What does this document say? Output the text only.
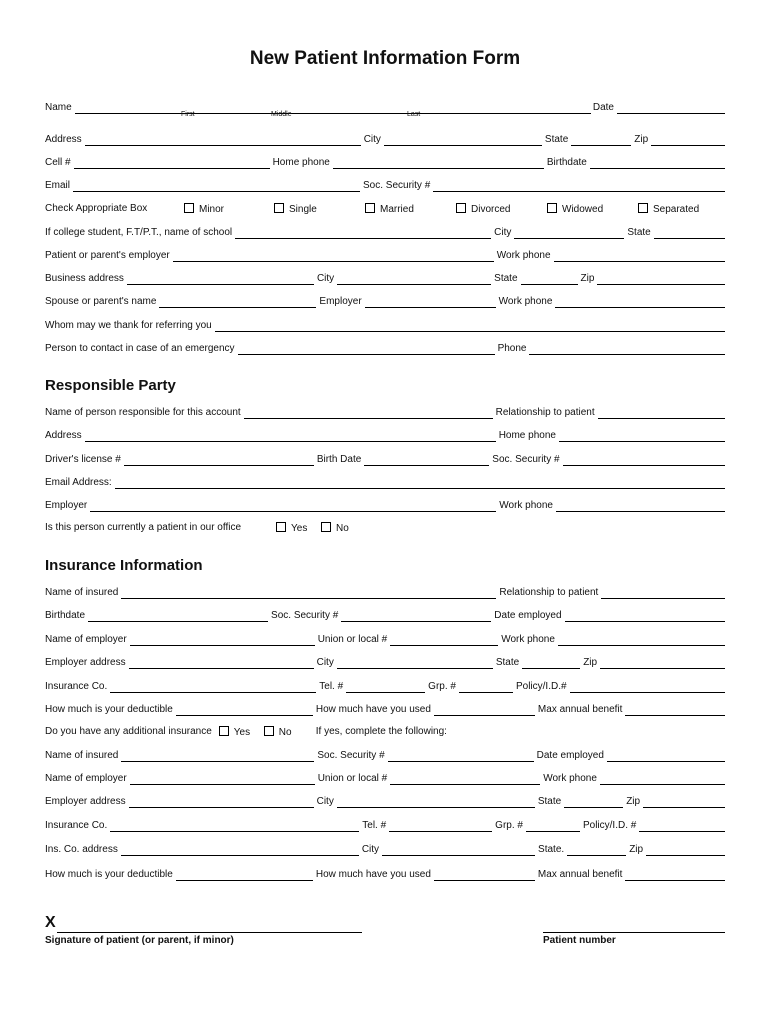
New Patient Information Form
Name	Date
First	Middle	Last
Address	City	State	Zip
Cell #	Home phone	Birthdate
Email	Soc. Security #
Check Appropriate Box	Minor	Single	Married	Divorced	Widowed	Separated
If college student, F.T/P.T., name of school	City	State
Patient or parent's employer	Work phone
Business address	City	State	Zip
Spouse or parent's name	Employer	Work phone
Whom may we thank for referring you
Person to contact in case of an emergency	Phone
Responsible Party
Name of person responsible for this account	Relationship to patient
Address	Home phone
Driver's license #	Birth Date	Soc. Security #
Email Address:
Employer	Work phone
Is this person currently a patient in our office	Yes	No
Insurance Information
Name of insured	Relationship to patient
Birthdate	Soc. Security #	Date employed
Name of employer	Union or local #	Work phone
Employer address	City	State	Zip
Insurance Co.	Tel. #	Grp. #	Policy/I.D.#
How much is your deductible	How much have you used	Max annual benefit
Do you have any additional insurance	Yes	No If yes, complete the following:
Name of insured	Soc. Security #	Date employed
Name of employer	Union or local #	Work phone
Employer address	City	State	Zip
Insurance Co.	Tel. #	Grp. #	Policy/I.D. #
Ins. Co. address	City	State.	Zip
How much is your deductible	How much have you used	Max annual benefit
X
Signature of patient (or parent, if minor)	Patient number
